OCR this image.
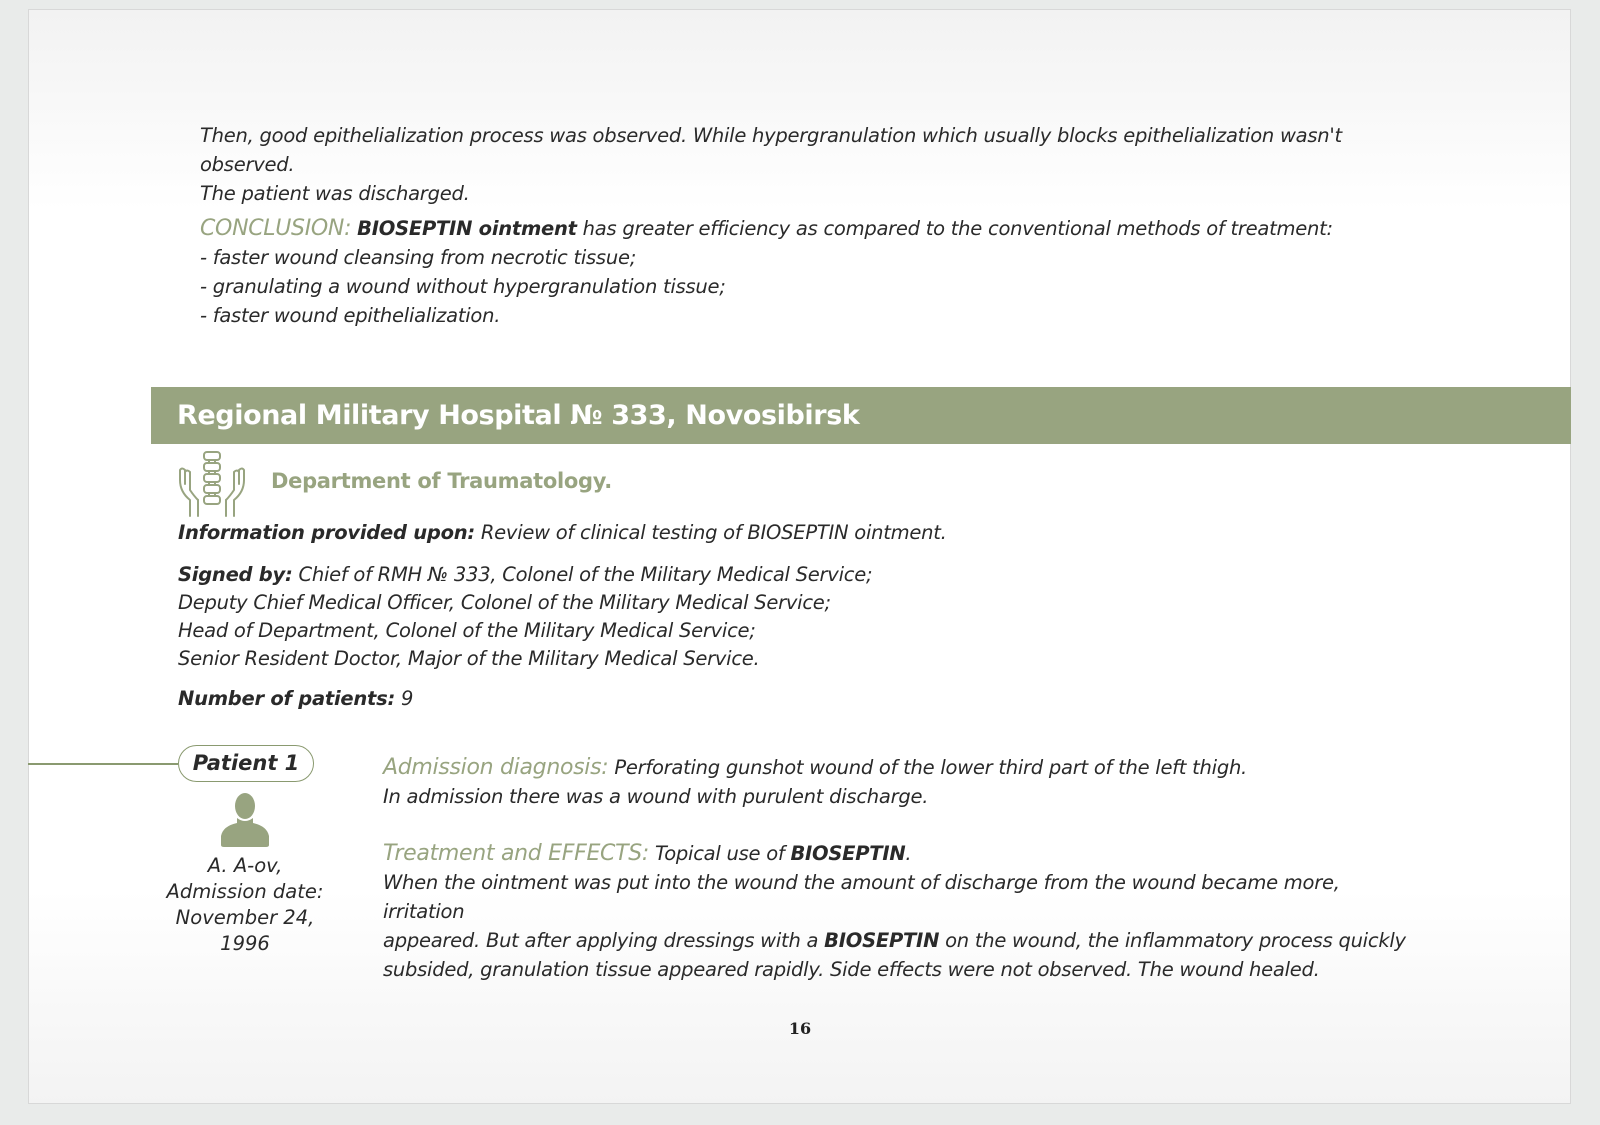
Then, good epithelialization process was observed. While hypergranulation which usually blocks epithelialization wasn't observed.

The patient was discharged.

CONCLUSION: BIOSEPTIN ointment has greater efficiency as compared to the conventional methods of treatment:

- faster wound cleansing from necrotic tissue;

- granulating a wound without hypergranulation tissue;

- faster wound epithelialization.

Regional Military Hospital № 333, Novosibirsk
Department of Traumatology.

Information provided upon: Review of clinical testing of BIOSEPTIN ointment.

Signed by: Chief of RMH № 333, Colonel of the Military Medical Service;

Deputy Chief Medical Officer, Colonel of the Military Medical Service;

Head of Department, Colonel of the Military Medical Service;

Senior Resident Doctor, Major of the Military Medical Service.

Number of patients: 9
Patient 1

A. A-ov,

Admission date:

November 24,

1996

Admission diagnosis: Perforating gunshot wound of the lower third part of the left thigh.

In admission there was a wound with purulent discharge.

Treatment and EFFECTS: Topical use of BIOSEPTIN.

When the ointment was put into the wound the amount of discharge from the wound became more, irritation

appeared. But after applying dressings with a BIOSEPTIN on the wound, the inflammatory process quickly

subsided, granulation tissue appeared rapidly. Side effects were not observed. The wound healed.

16
